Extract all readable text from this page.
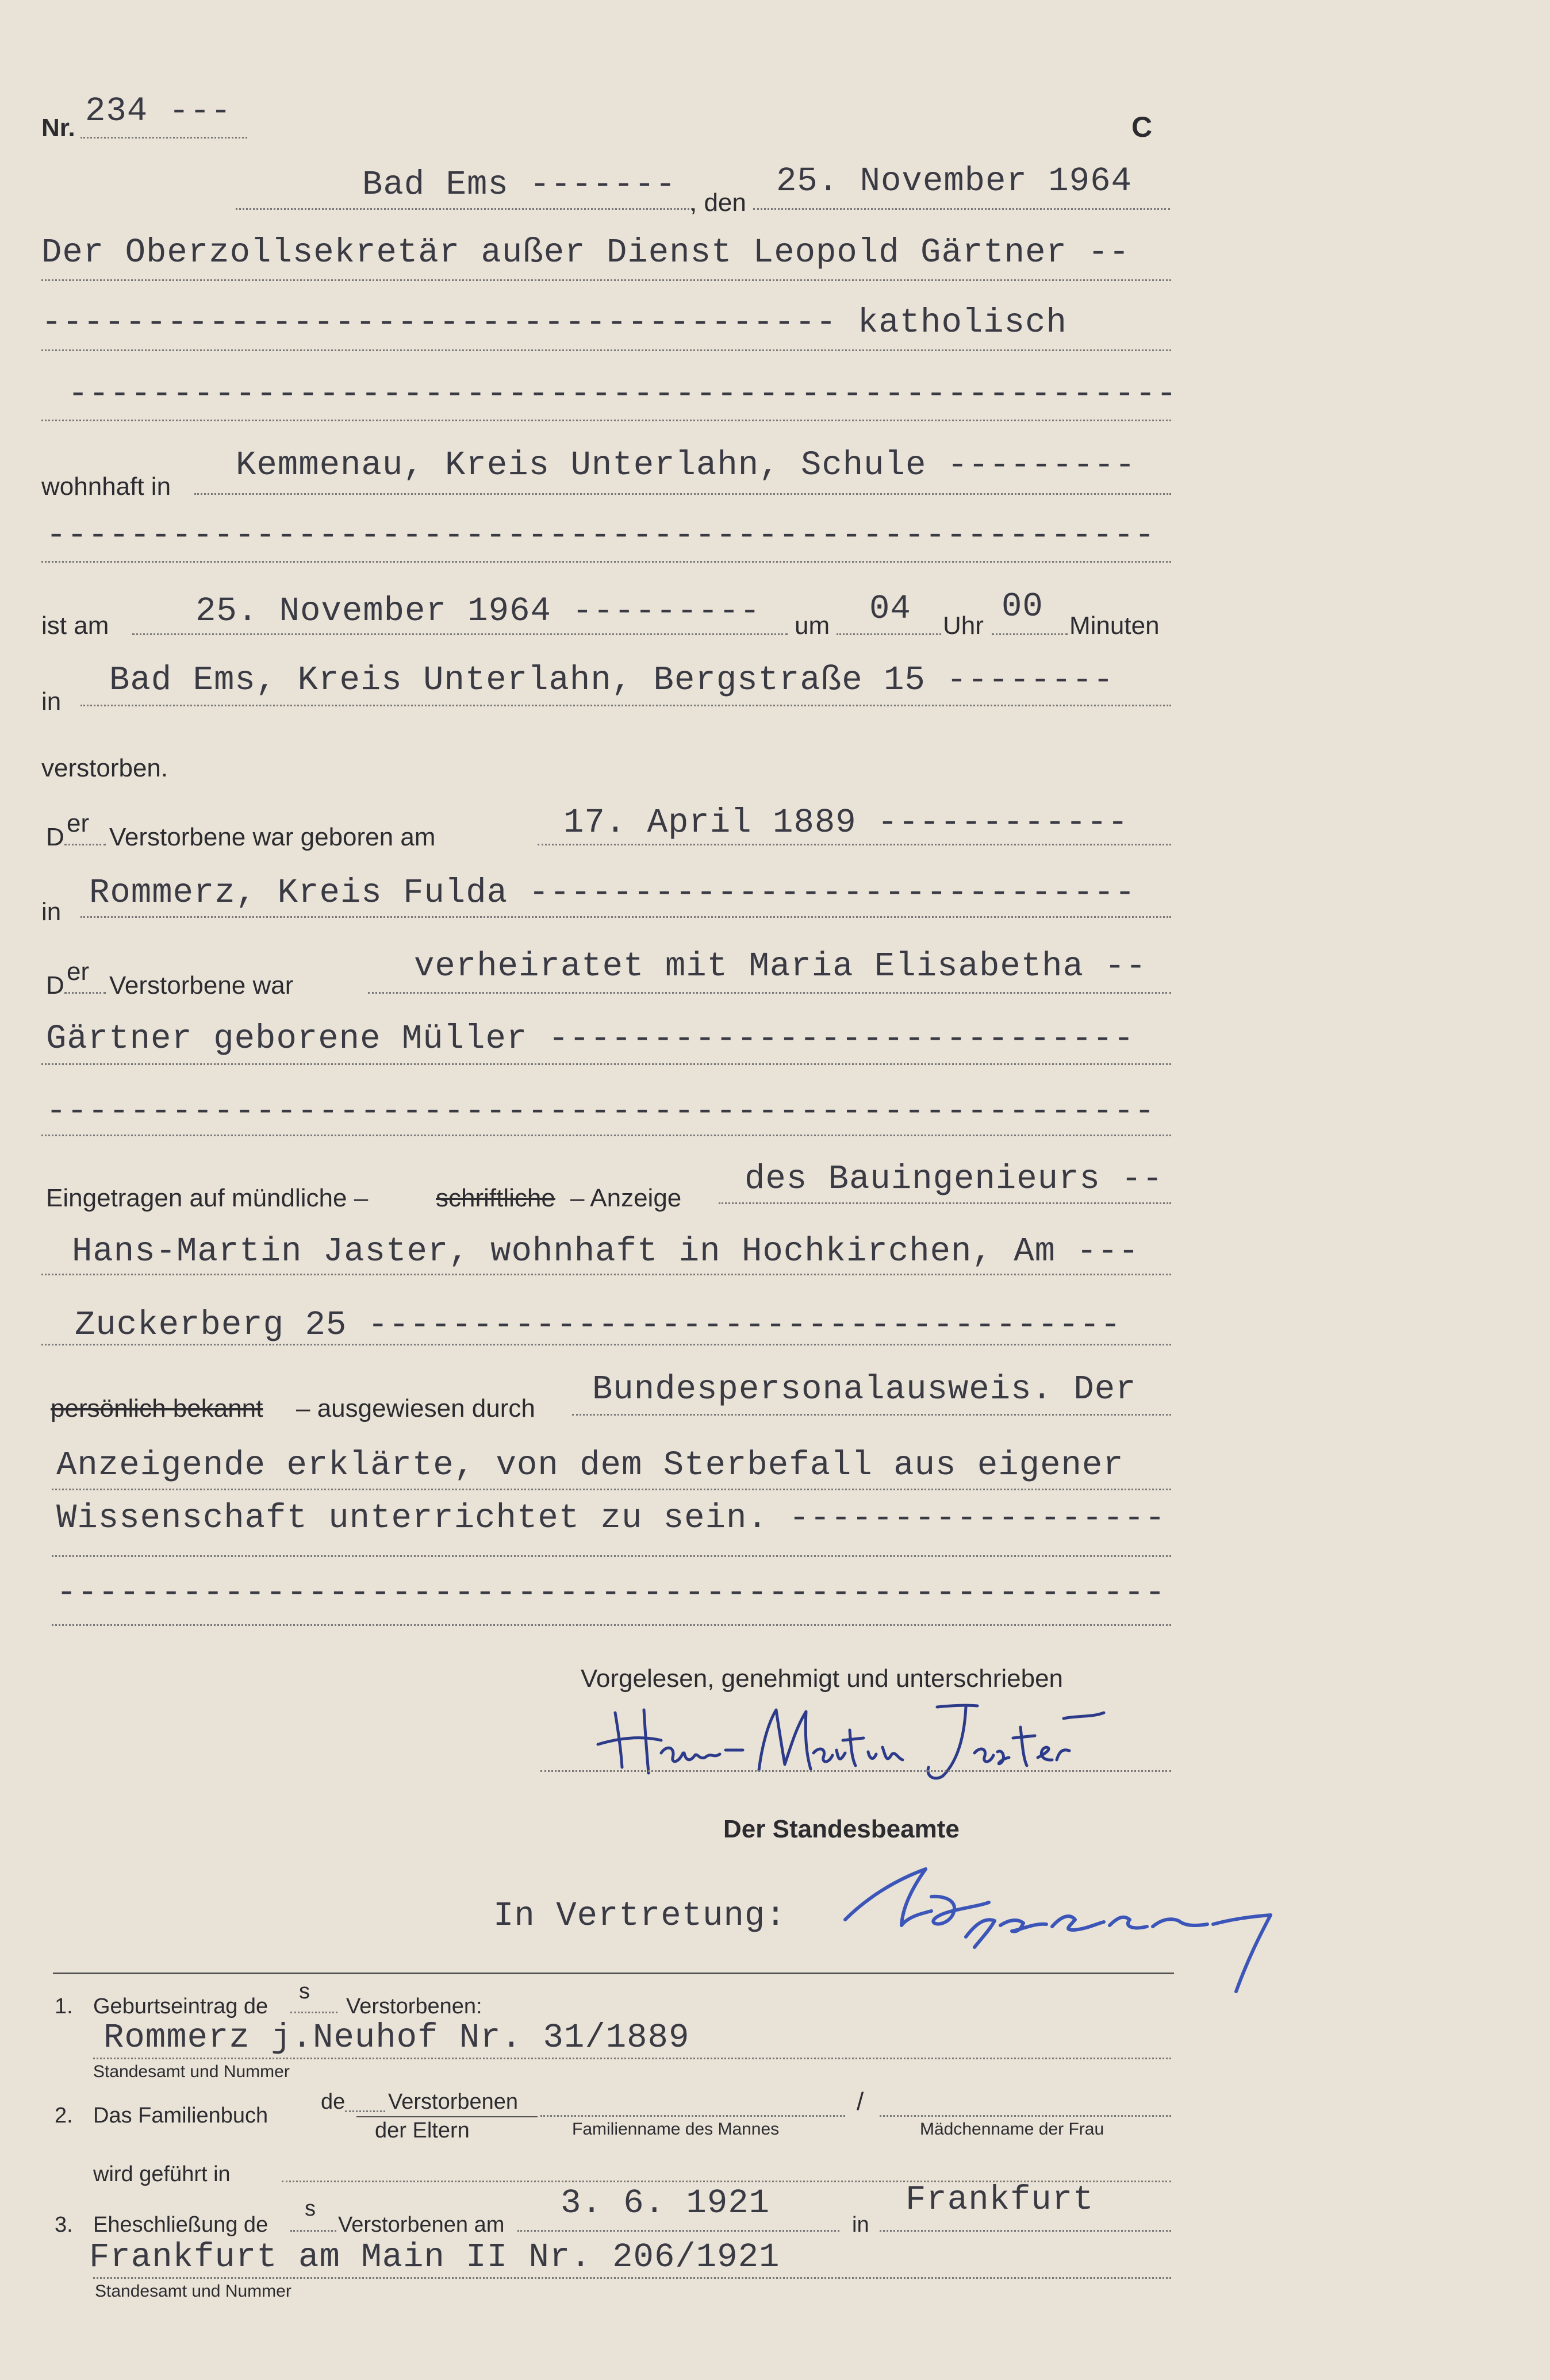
Nr. 234 ---	C
Bad Ems ------- , den
25. November 1964
Der Oberzollsekretär außer Dienst Leopold Gärtner --
-------------------------------------- katholisch
-----------------------------------------------------
wohnhaft in
Kemmenau, Kreis Unterlahn, Schule ---------
-----------------------------------------------------
ist am	25. November 1964 --------- um 04 Uhr 00 Minuten
in
Bad Ems, Kreis Unterlahn, Bergstraße 15 --------
verstorben.
D er Verstorbene war geboren am	17. April 1889 ------------
in Rommerz, Kreis Fulda -----------------------------
D er Verstorbene war	verheiratet mit Maria Elisabetha --
Gärtner geborene Müller ----------------------------
-----------------------------------------------------
Eingetragen auf mündliche –	schriftliche – Anzeige des Bauingenieurs --
Hans-Martin Jaster, wohnhaft in Hochkirchen, Am ---
Zuckerberg 25 ------------------------------------
persönlich bekannt – ausgewiesen durch Bundespersonalausweis. Der
Anzeigende erklärte, von dem Sterbefall aus eigener
Wissenschaft unterrichtet zu sein. ------------------
-----------------------------------------------------
Vorgelesen, genehmigt und unterschrieben
Der Standesbeamte
In Vertretung:
1. Geburtseintrag de
s
Verstorbenen:
Rommerz j.Neuhof Nr. 31/1889
Standesamt und Nummer
2. Das Familienbuch
de Verstorbenen
der Eltern	Familienname des Mannes
/
Mädchenname der Frau
wird geführt in
3. Eheschließung de
s
Verstorbenen am
3. 6. 1921
in
Frankfurt
Frankfurt am Main II Nr. 206/1921
Standesamt und Nummer
